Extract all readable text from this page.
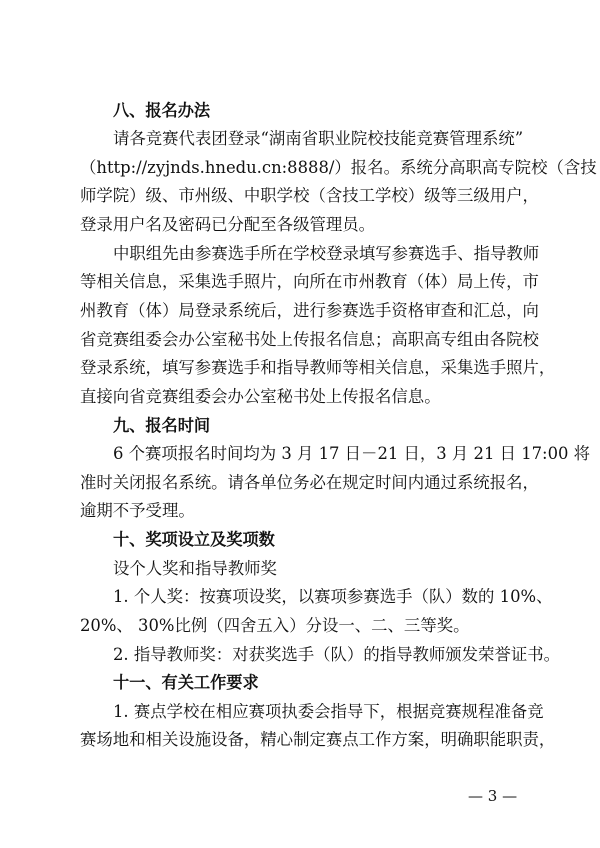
八、报名办法
请各竞赛代表团登录“湖南省职业院校技能竞赛管理系统”
（http://zyjnds.hnedu.cn:8888/）报名。系统分高职高专院校（含技
师学院）级、市州级、中职学校（含技工学校）级等三级用户，
登录用户名及密码已分配至各级管理员。
中职组先由参赛选手所在学校登录填写参赛选手、指导教师
等相关信息，采集选手照片，向所在市州教育（体）局上传，市
州教育（体）局登录系统后，进行参赛选手资格审查和汇总，向
省竞赛组委会办公室秘书处上传报名信息；高职高专组由各院校
登录系统，填写参赛选手和指导教师等相关信息，采集选手照片，
直接向省竞赛组委会办公室秘书处上传报名信息。
九、报名时间
6 个赛项报名时间均为 3 月 17 日－21 日，3 月 21 日 17:00 将
准时关闭报名系统。请各单位务必在规定时间内通过系统报名，
逾期不予受理。
十、奖项设立及奖项数
设个人奖和指导教师奖
1. 个人奖：按赛项设奖，以赛项参赛选手（队）数的 10%、
20%、 30%比例（四舍五入）分设一、二、三等奖。
2. 指导教师奖：对获奖选手（队）的指导教师颁发荣誉证书。
十一、有关工作要求
1. 赛点学校在相应赛项执委会指导下，根据竞赛规程准备竞
赛场地和相关设施设备，精心制定赛点工作方案，明确职能职责，
— 3 —
